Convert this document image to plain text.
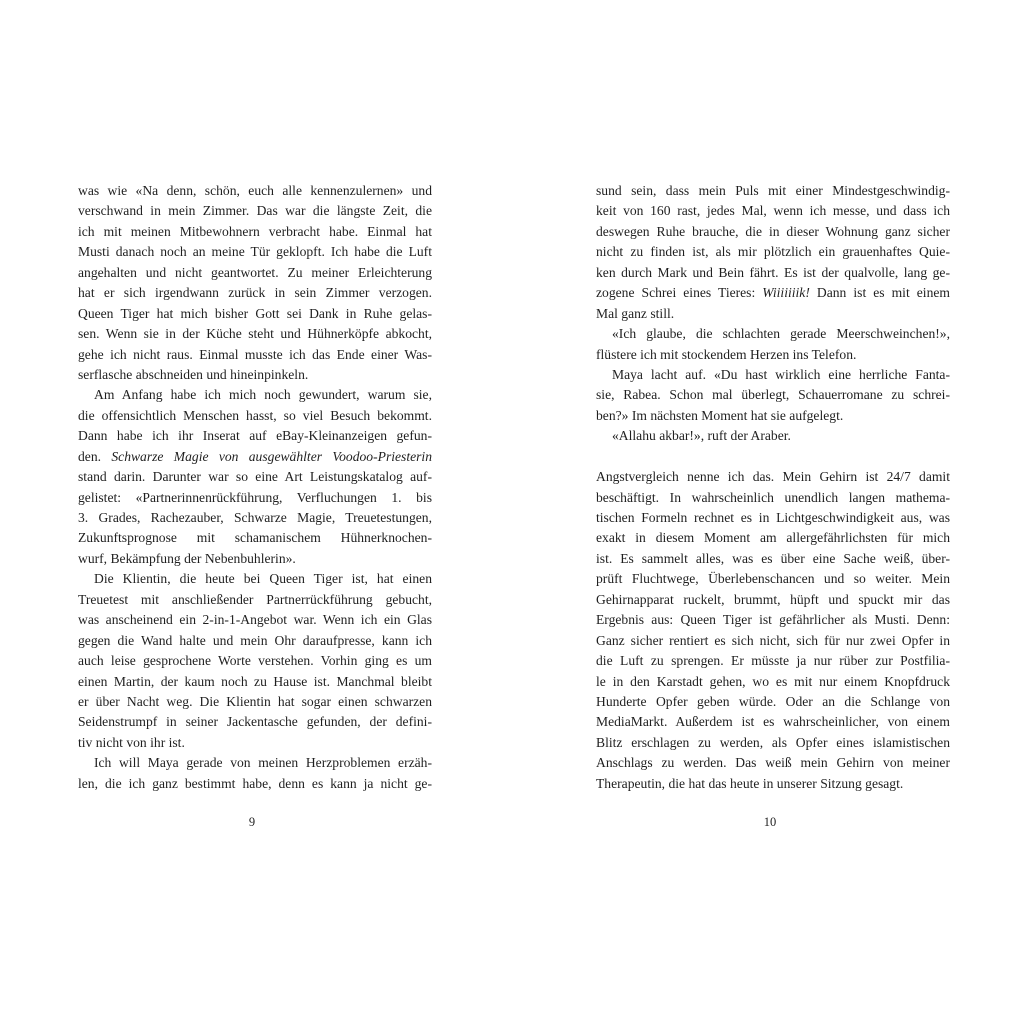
was wie «Na denn, schön, euch alle kennenzulernen» und
verschwand in mein Zimmer. Das war die längste Zeit, die
ich mit meinen Mitbewohnern verbracht habe. Einmal hat
Musti danach noch an meine Tür geklopft. Ich habe die Luft
angehalten und nicht geantwortet. Zu meiner Erleichterung
hat er sich irgendwann zurück in sein Zimmer verzogen.
Queen Tiger hat mich bisher Gott sei Dank in Ruhe gelas-
sen. Wenn sie in der Küche steht und Hühnerköpfe abkocht,
gehe ich nicht raus. Einmal musste ich das Ende einer Was-
serflasche abschneiden und hineinpinkeln.
Am Anfang habe ich mich noch gewundert, warum sie,
die offensichtlich Menschen hasst, so viel Besuch bekommt.
Dann habe ich ihr Inserat auf eBay-Kleinanzeigen gefun-
den. Schwarze Magie von ausgewählter Voodoo-Priesterin
stand darin. Darunter war so eine Art Leistungskatalog auf-
gelistet: «Partnerinnenrückführung, Verfluchungen 1. bis
3. Grades, Rachezauber, Schwarze Magie, Treuetestungen,
Zukunftsprognose mit schamanischem Hühnerknochen-
wurf, Bekämpfung der Nebenbuhlerin».
Die Klientin, die heute bei Queen Tiger ist, hat einen
Treuetest mit anschließender Partnerrückführung gebucht,
was anscheinend ein 2-in-1-Angebot war. Wenn ich ein Glas
gegen die Wand halte und mein Ohr daraufpresse, kann ich
auch leise gesprochene Worte verstehen. Vorhin ging es um
einen Martin, der kaum noch zu Hause ist. Manchmal bleibt
er über Nacht weg. Die Klientin hat sogar einen schwarzen
Seidenstrumpf in seiner Jackentasche gefunden, der defini-
tiv nicht von ihr ist.
Ich will Maya gerade von meinen Herzproblemen erzäh-
len, die ich ganz bestimmt habe, denn es kann ja nicht ge-
9
sund sein, dass mein Puls mit einer Mindestgeschwindig-
keit von 160 rast, jedes Mal, wenn ich messe, und dass ich
deswegen Ruhe brauche, die in dieser Wohnung ganz sicher
nicht zu finden ist, als mir plötzlich ein grauenhaftes Quie-
ken durch Mark und Bein fährt. Es ist der qualvolle, lang ge-
zogene Schrei eines Tieres: Wiiiiiiik! Dann ist es mit einem
Mal ganz still.
«Ich glaube, die schlachten gerade Meerschweinchen!»,
flüstere ich mit stockendem Herzen ins Telefon.
Maya lacht auf. «Du hast wirklich eine herrliche Fanta-
sie, Rabea. Schon mal überlegt, Schauerromane zu schrei-
ben?» Im nächsten Moment hat sie aufgelegt.
«Allahu akbar!», ruft der Araber.
Angstvergleich nenne ich das. Mein Gehirn ist 24/7 damit
beschäftigt. In wahrscheinlich unendlich langen mathema-
tischen Formeln rechnet es in Lichtgeschwindigkeit aus, was
exakt in diesem Moment am allergefährlichsten für mich
ist. Es sammelt alles, was es über eine Sache weiß, über-
prüft Fluchtwege, Überlebenschancen und so weiter. Mein
Gehirnapparat ruckelt, brummt, hüpft und spuckt mir das
Ergebnis aus: Queen Tiger ist gefährlicher als Musti. Denn:
Ganz sicher rentiert es sich nicht, sich für nur zwei Opfer in
die Luft zu sprengen. Er müsste ja nur rüber zur Postfilia-
le in den Karstadt gehen, wo es mit nur einem Knopfdruck
Hunderte Opfer geben würde. Oder an die Schlange von
MediaMarkt. Außerdem ist es wahrscheinlicher, von einem
Blitz erschlagen zu werden, als Opfer eines islamistischen
Anschlags zu werden. Das weiß mein Gehirn von meiner
Therapeutin, die hat das heute in unserer Sitzung gesagt.
10
